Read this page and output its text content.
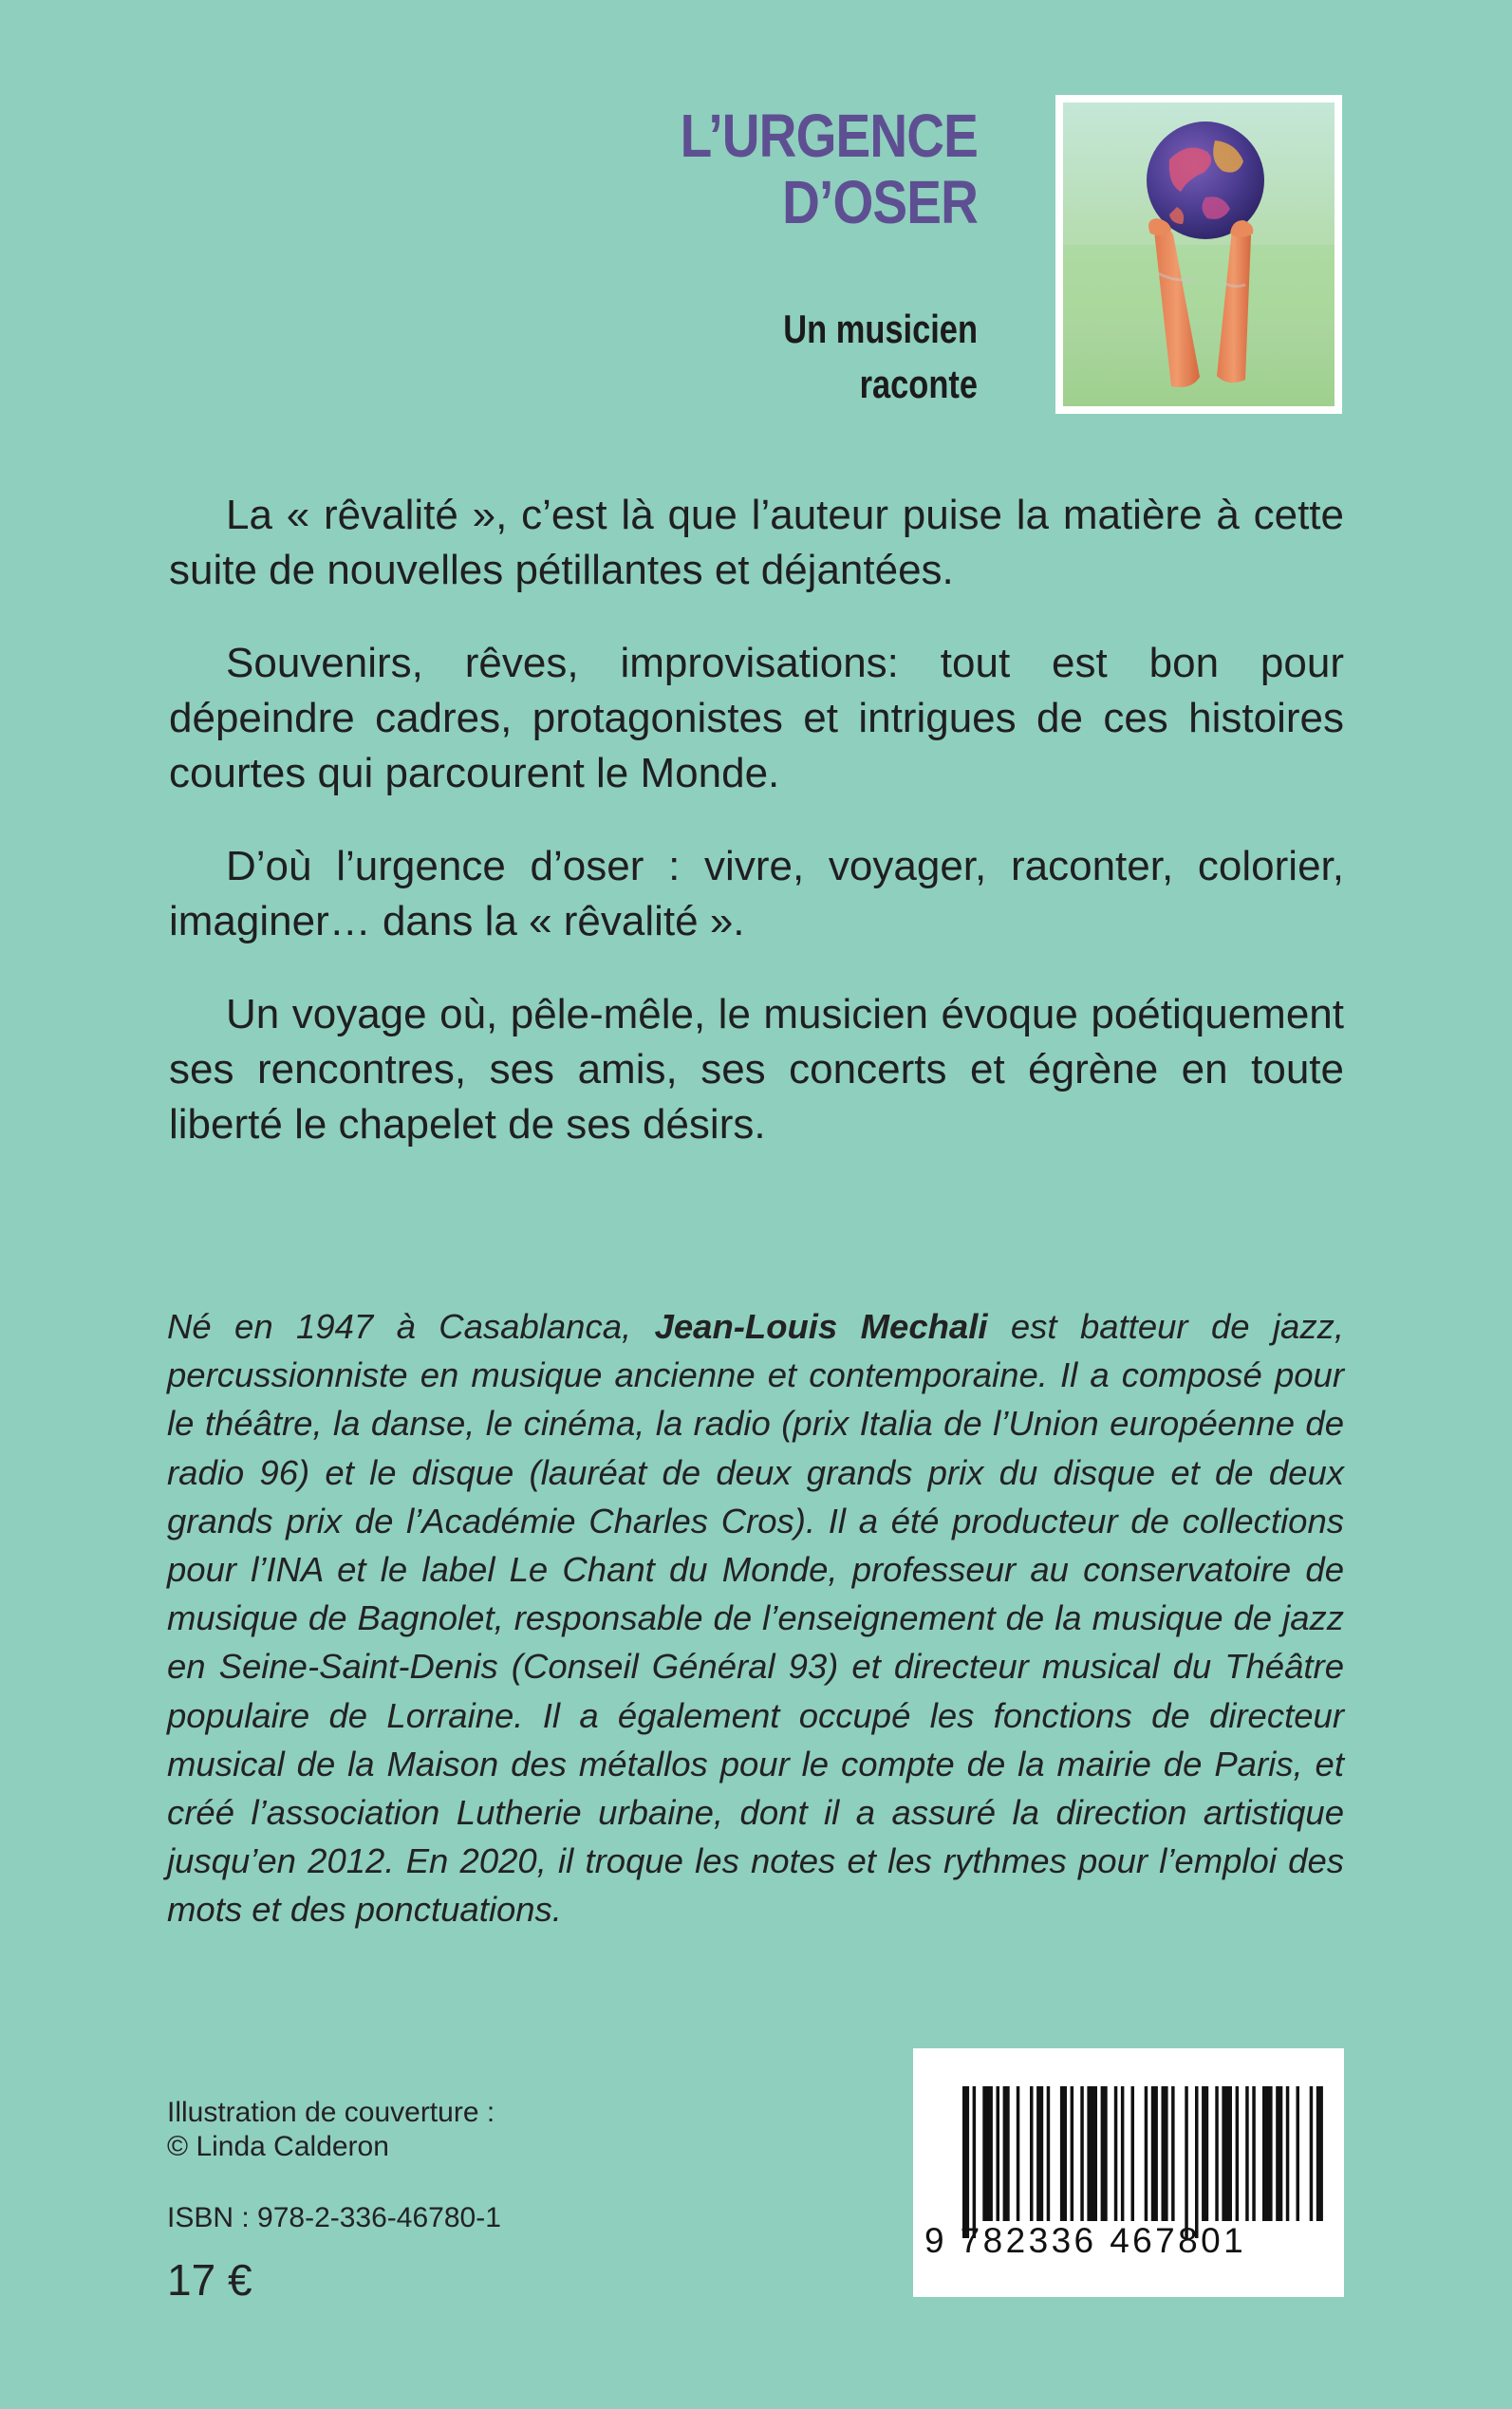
L’URGENCE
D’OSER
Un musicien
raconte

La « rêvalité », c’est là que l’auteur puise la matière à cette suite de nouvelles pétillantes et déjantées.

Souvenirs, rêves, improvisations: tout est bon pour dépeindre cadres, protagonistes et intrigues de ces histoires courtes qui parcourent le Monde.

D’où l’urgence d’oser : vivre, voyager, raconter, colorier, imaginer… dans la « rêvalité ».

Un voyage où, pêle-mêle, le musicien évoque poétiquement ses rencontres, ses amis, ses concerts et égrène en toute liberté le chapelet de ses désirs.

Né en 1947 à Casablanca, Jean-Louis Mechali est batteur de jazz, percussionniste en musique ancienne et contemporaine. Il a composé pour le théâtre, la danse, le cinéma, la radio (prix Italia de l’Union européenne de radio 96) et le disque (lauréat de deux grands prix du disque et de deux grands prix de l’Académie Charles Cros). Il a été producteur de collections pour l’INA et le label Le Chant du Monde, professeur au conservatoire de musique de Bagnolet, responsable de l’enseignement de la musique de jazz en Seine-Saint-Denis (Conseil Général 93) et directeur musical du Théâtre populaire de Lorraine. Il a également occupé les fonctions de directeur musical de la Maison des métallos pour le compte de la mairie de Paris, et créé l’association Lutherie urbaine, dont il a assuré la direction artistique jusqu’en 2012. En 2020, il troque les notes et les rythmes pour l’emploi des mots et des ponctuations.

Illustration de couverture :
© Linda Calderon
ISBN : 978-2-336-46780-1
17 €
9 782336 467801
